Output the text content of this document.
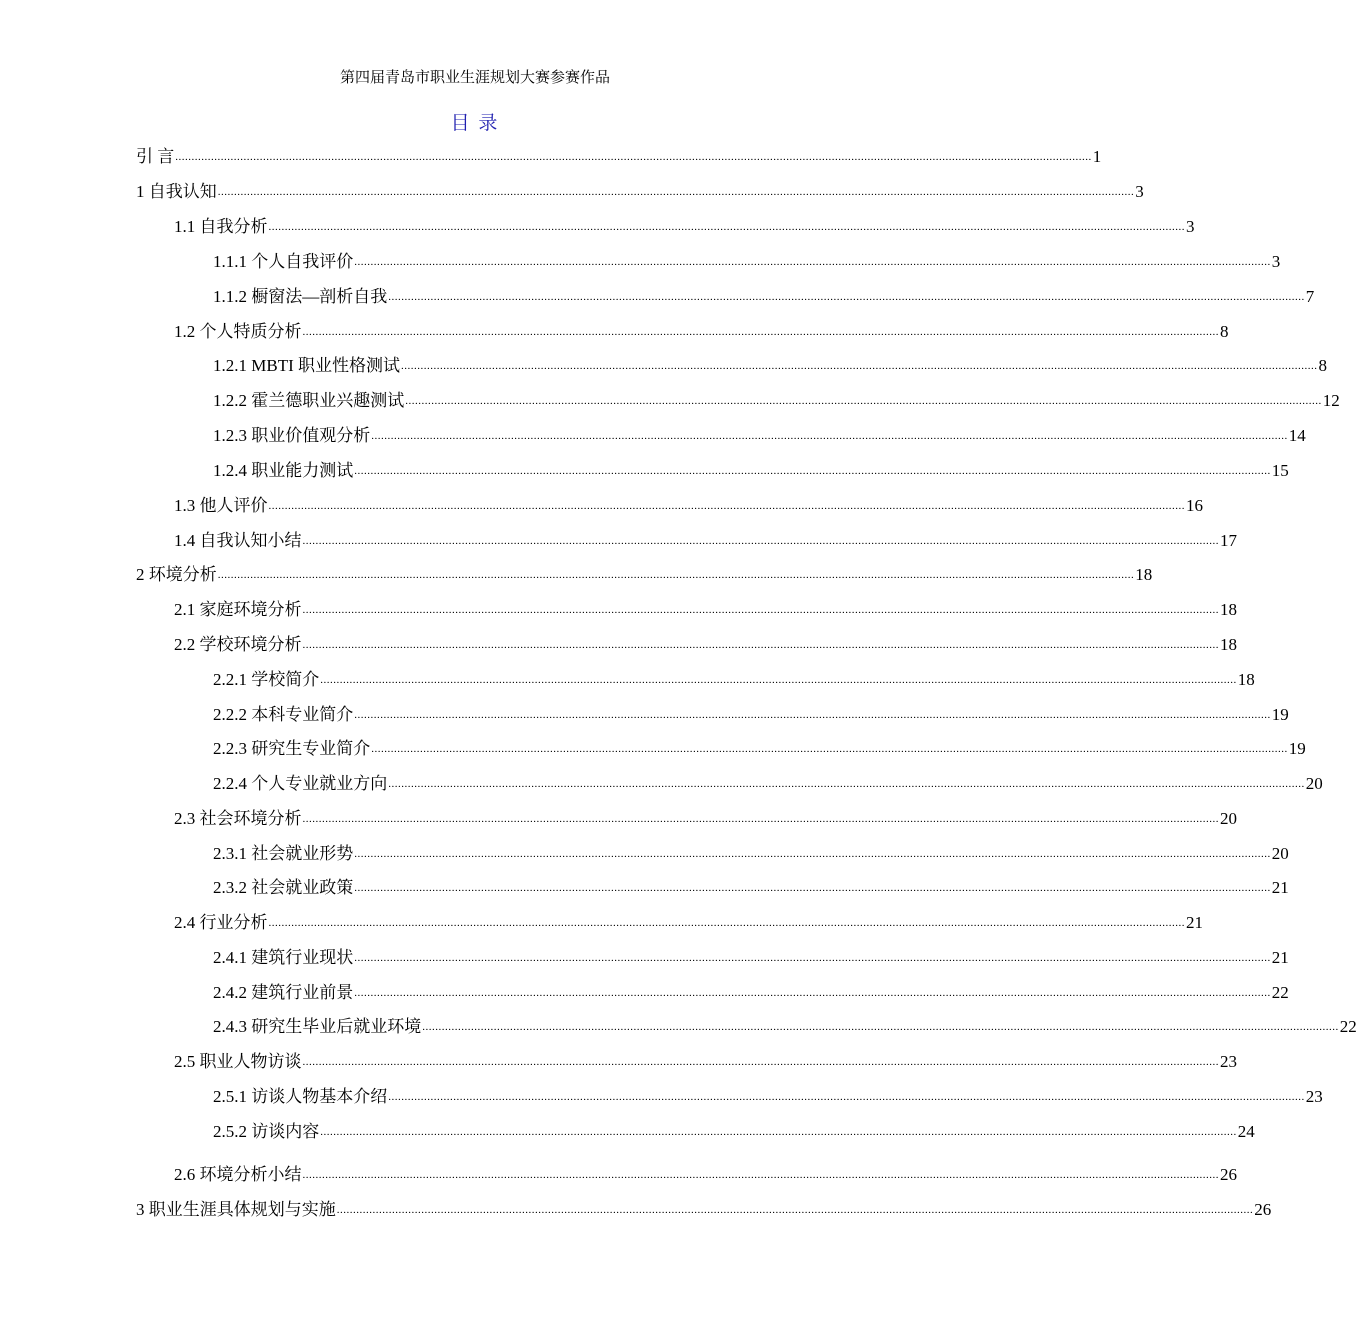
第四届青岛市职业生涯规划大赛参赛作品
目 录
引 言 .......................................................................................................................................................................................................................................................................................... 1
1 自我认知 .......................................................................................................................................................................................................................................................................................... 3
1.1 自我分析 .......................................................................................................................................................................................................................................................................................... 3
1.1.1 个人自我评价 .......................................................................................................................................................................................................................................................................................... 3
1.1.2 橱窗法—剖析自我 .......................................................................................................................................................................................................................................................................................... 7
1.2 个人特质分析 .......................................................................................................................................................................................................................................................................................... 8
1.2.1 MBTI 职业性格测试 .......................................................................................................................................................................................................................................................................................... 8
1.2.2 霍兰德职业兴趣测试 .......................................................................................................................................................................................................................................................................................... 12
1.2.3 职业价值观分析 .......................................................................................................................................................................................................................................................................................... 14
1.2.4 职业能力测试 .......................................................................................................................................................................................................................................................................................... 15
1.3 他人评价 .......................................................................................................................................................................................................................................................................................... 16
1.4 自我认知小结 .......................................................................................................................................................................................................................................................................................... 17
2 环境分析 .......................................................................................................................................................................................................................................................................................... 18
2.1 家庭环境分析 .......................................................................................................................................................................................................................................................................................... 18
2.2 学校环境分析 .......................................................................................................................................................................................................................................................................................... 18
2.2.1 学校简介 .......................................................................................................................................................................................................................................................................................... 18
2.2.2 本科专业简介 .......................................................................................................................................................................................................................................................................................... 19
2.2.3 研究生专业简介 .......................................................................................................................................................................................................................................................................................... 19
2.2.4 个人专业就业方向 .......................................................................................................................................................................................................................................................................................... 20
2.3 社会环境分析 .......................................................................................................................................................................................................................................................................................... 20
2.3.1 社会就业形势 .......................................................................................................................................................................................................................................................................................... 20
2.3.2 社会就业政策 .......................................................................................................................................................................................................................................................................................... 21
2.4 行业分析 .......................................................................................................................................................................................................................................................................................... 21
2.4.1 建筑行业现状 .......................................................................................................................................................................................................................................................................................... 21
2.4.2 建筑行业前景 .......................................................................................................................................................................................................................................................................................... 22
2.4.3 研究生毕业后就业环境 .......................................................................................................................................................................................................................................................................................... 22
2.5 职业人物访谈 .......................................................................................................................................................................................................................................................................................... 23
2.5.1 访谈人物基本介绍 .......................................................................................................................................................................................................................................................................................... 23
2.5.2 访谈内容 .......................................................................................................................................................................................................................................................................................... 24
2.6 环境分析小结 .......................................................................................................................................................................................................................................................................................... 26
3 职业生涯具体规划与实施 .......................................................................................................................................................................................................................................................................................... 26
